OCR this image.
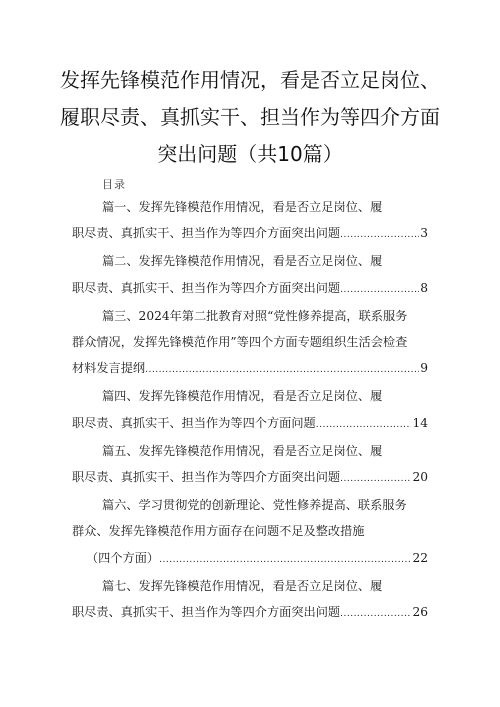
发挥先锋模范作用情况，看是否立足岗位、
履职尽责、真抓实干、担当作为等四介方面
突出问题（共10篇）
目录
篇一、发挥先锋模范作用情况，看是否立足岗位、履
职尽责、真抓实干、担当作为等四介方面突出问题 .....	3
篇二、发挥先锋模范作用情况，看是否立足岗位、履
职尽责、真抓实干、担当作为等四介方面突出问题 .....	8
篇三、2024年第二批教育对照“党性修养提高，联系服务
群众情况，发挥先锋模范作用”等四个方面专题组织生活会检查
材料发言提纲 .....	9
篇四、发挥先锋模范作用情况，看是否立足岗位、履
职尽责、真抓实干、担当作为等四个方面问题 .....	14
篇五、发挥先锋模范作用情况，看是否立足岗位、履
职尽责、真抓实干、担当作为等四介方面突出问题 .....	20
篇六、学习贯彻党的创新理论、党性修养提高、联系服务
群众、发挥先锋模范作用方面存在问题不足及整改措施
（四个方面） .....	22
篇七、发挥先锋模范作用情况，看是否立足岗位、履
职尽责、真抓实干、担当作为等四介方面突出问题 .....	26
